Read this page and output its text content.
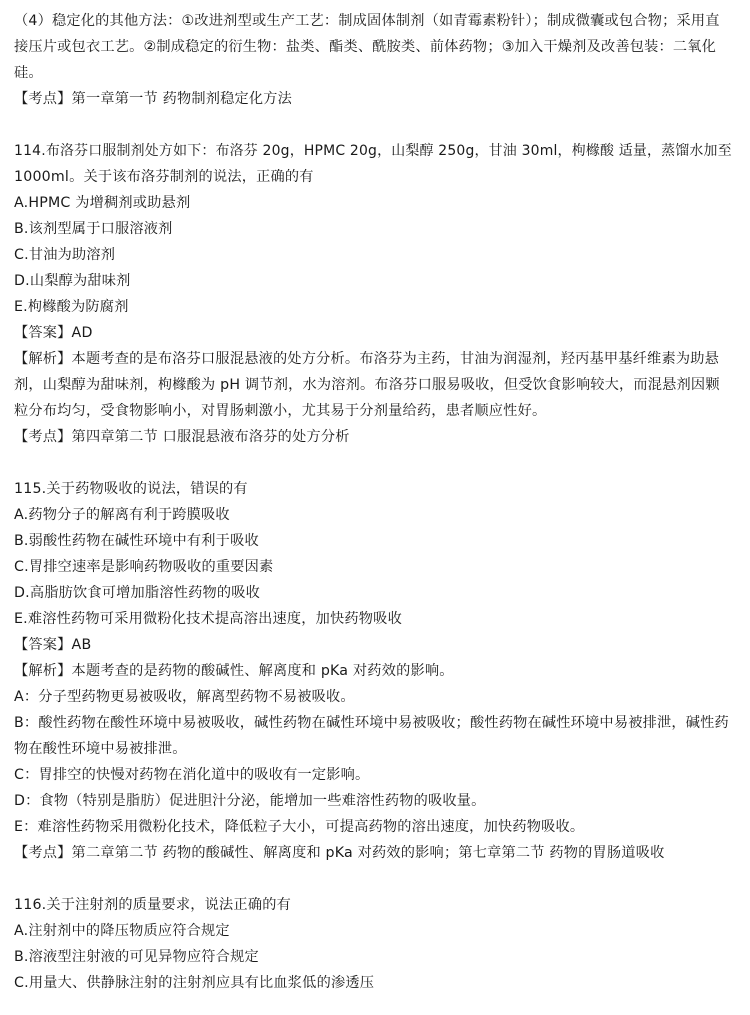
（4）稳定化的其他方法：①改进剂型或生产工艺：制成固体制剂（如青霉素粉针）；制成微囊或包合物；采用直
接压片或包衣工艺。②制成稳定的衍生物：盐类、酯类、酰胺类、前体药物；③加入干燥剂及改善包装：二氧化
硅。
【考点】第一章第一节 药物制剂稳定化方法
114.布洛芬口服制剂处方如下：布洛芬 20g，HPMC 20g，山梨醇 250g，甘油 30ml，枸橼酸 适量，蒸馏水加至
1000ml。关于该布洛芬制剂的说法，正确的有
A.HPMC 为增稠剂或助悬剂
B.该剂型属于口服溶液剂
C.甘油为助溶剂
D.山梨醇为甜味剂
E.枸橼酸为防腐剂
【答案】AD
【解析】本题考查的是布洛芬口服混悬液的处方分析。布洛芬为主药，甘油为润湿剂，羟丙基甲基纤维素为助悬
剂，山梨醇为甜味剂，枸橼酸为 pH 调节剂，水为溶剂。布洛芬口服易吸收，但受饮食影响较大，而混悬剂因颗
粒分布均匀，受食物影响小，对胃肠刺激小，尤其易于分剂量给药，患者顺应性好。
【考点】第四章第二节 口服混悬液布洛芬的处方分析
115.关于药物吸收的说法，错误的有
A.药物分子的解离有利于跨膜吸收
B.弱酸性药物在碱性环境中有利于吸收
C.胃排空速率是影响药物吸收的重要因素
D.高脂肪饮食可增加脂溶性药物的吸收
E.难溶性药物可采用微粉化技术提高溶出速度，加快药物吸收
【答案】AB
【解析】本题考查的是药物的酸碱性、解离度和 pKa 对药效的影响。
A：分子型药物更易被吸收，解离型药物不易被吸收。
B：酸性药物在酸性环境中易被吸收，碱性药物在碱性环境中易被吸收；酸性药物在碱性环境中易被排泄，碱性药
物在酸性环境中易被排泄。
C：胃排空的快慢对药物在消化道中的吸收有一定影响。
D：食物（特别是脂肪）促进胆汁分泌，能增加一些难溶性药物的吸收量。
E：难溶性药物采用微粉化技术，降低粒子大小，可提高药物的溶出速度，加快药物吸收。
【考点】第二章第二节 药物的酸碱性、解离度和 pKa 对药效的影响；第七章第二节 药物的胃肠道吸收
116.关于注射剂的质量要求，说法正确的有
A.注射剂中的降压物质应符合规定
B.溶液型注射液的可见异物应符合规定
C.用量大、供静脉注射的注射剂应具有比血浆低的渗透压
